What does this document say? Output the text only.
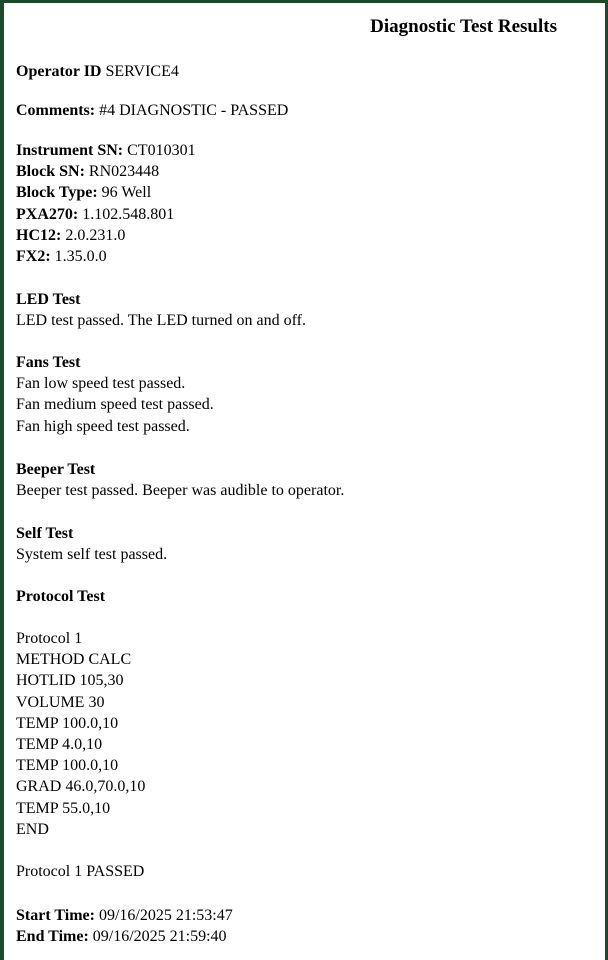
Diagnostic Test Results
Operator ID SERVICE4
Comments: #4 DIAGNOSTIC - PASSED
Instrument SN: CT010301
Block SN: RN023448
Block Type: 96 Well
PXA270: 1.102.548.801
HC12: 2.0.231.0
FX2: 1.35.0.0
LED Test
LED test passed. The LED turned on and off.
Fans Test
Fan low speed test passed.
Fan medium speed test passed.
Fan high speed test passed.
Beeper Test
Beeper test passed. Beeper was audible to operator.
Self Test
System self test passed.
Protocol Test
Protocol 1
METHOD CALC
HOTLID 105,30
VOLUME 30
TEMP 100.0,10
TEMP 4.0,10
TEMP 100.0,10
GRAD 46.0,70.0,10
TEMP 55.0,10
END
Protocol 1 PASSED
Start Time: 09/16/2025 21:53:47
End Time: 09/16/2025 21:59:40
